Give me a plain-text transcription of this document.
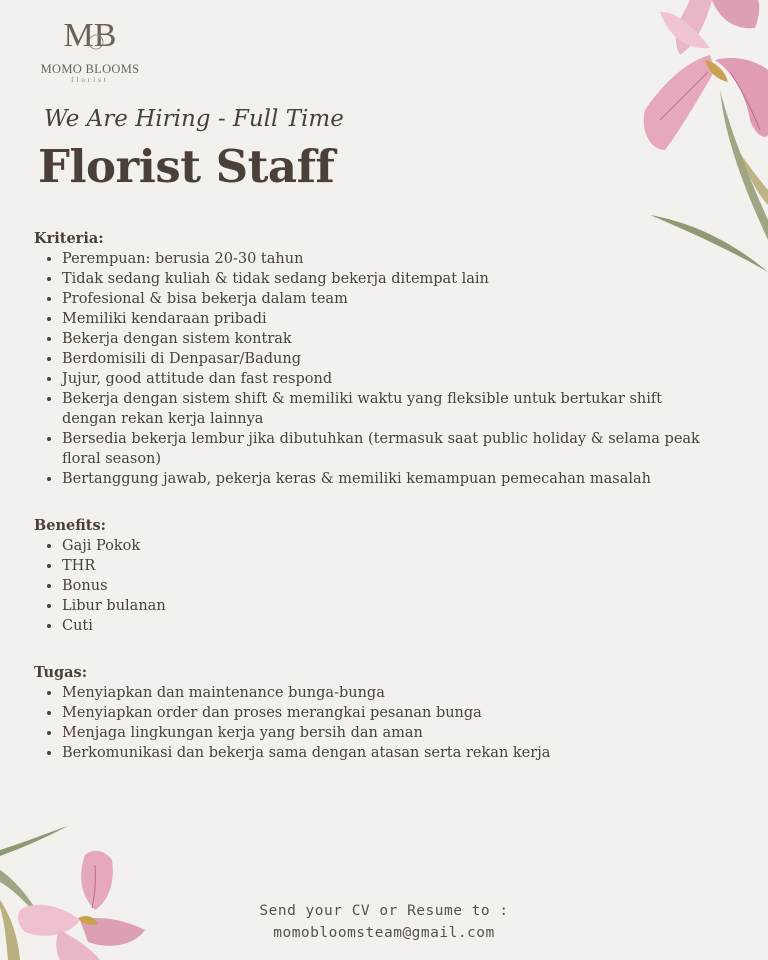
MB
MOMO BLOOMS
florist
We Are Hiring - Full Time
Florist Staff
Kriteria:
• Perempuan: berusia 20-30 tahun
• Tidak sedang kuliah & tidak sedang bekerja ditempat lain
• Profesional & bisa bekerja dalam team
• Memiliki kendaraan pribadi
• Bekerja dengan sistem kontrak
• Berdomisili di Denpasar/Badung
• Jujur, good attitude dan fast respond
• Bekerja dengan sistem shift & memiliki waktu yang fleksible untuk bertukar shift dengan rekan kerja lainnya
• Bersedia bekerja lembur jika dibutuhkan (termasuk saat public holiday & selama peak floral season)
• Bertanggung jawab, pekerja keras & memiliki kemampuan pemecahan masalah
Benefits:
• Gaji Pokok
• THR
• Bonus
• Libur bulanan
• Cuti
Tugas:
• Menyiapkan dan maintenance bunga-bunga
• Menyiapkan order dan proses merangkai pesanan bunga
• Menjaga lingkungan kerja yang bersih dan aman
• Berkomunikasi dan bekerja sama dengan atasan serta rekan kerja
Send your CV or Resume to :
momobloomsteam@gmail.com
